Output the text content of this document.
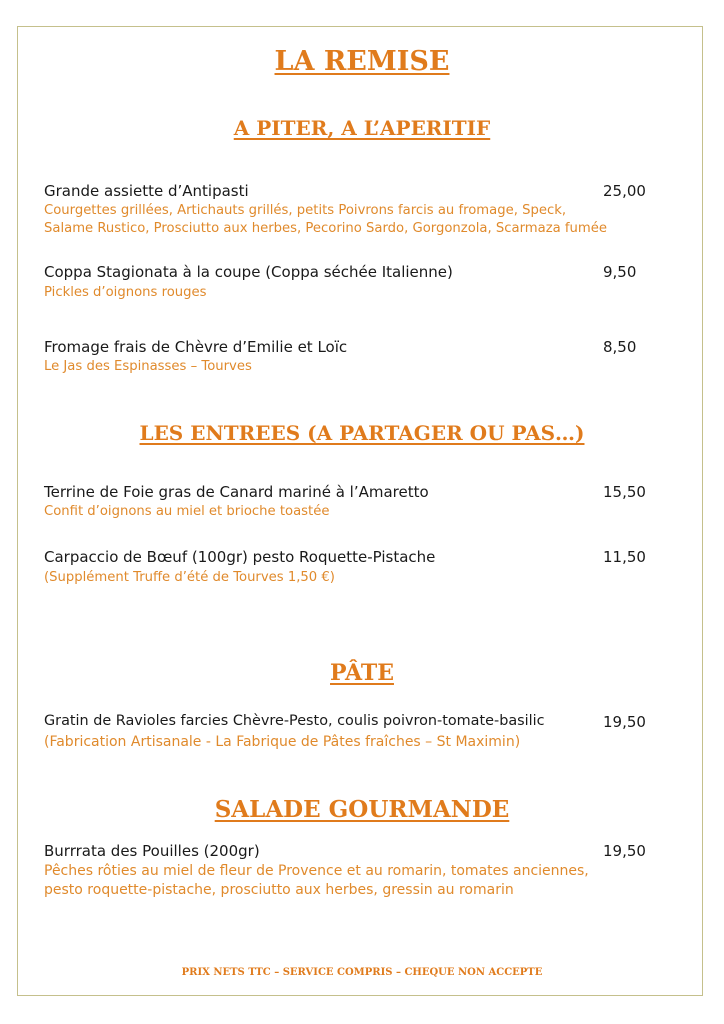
LA REMISE
A PITER, A L’APERITIF
Grande assiette d’Antipasti	25,00
Courgettes grillées, Artichauts grillés, petits Poivrons farcis au fromage, Speck,
Salame Rustico, Prosciutto aux herbes, Pecorino Sardo, Gorgonzola, Scarmaza fumée
Coppa Stagionata à la coupe (Coppa séchée Italienne)	9,50
Pickles d’oignons rouges
Fromage frais de Chèvre d’Emilie et Loïc	8,50
Le Jas des Espinasses – Tourves
LES ENTREES (A PARTAGER OU PAS…)
Terrine de Foie gras de Canard mariné à l’Amaretto	15,50
Confit d’oignons au miel et brioche toastée
Carpaccio de Bœuf (100gr) pesto Roquette-Pistache	11,50
(Supplément Truffe d’été de Tourves 1,50 €)
PÂTE
Gratin de Ravioles farcies Chèvre-Pesto, coulis poivron-tomate-basilic	19,50
(Fabrication Artisanale - La Fabrique de Pâtes fraîches – St Maximin)
SALADE GOURMANDE
Burrrata des Pouilles (200gr)	19,50
Pêches rôties au miel de fleur de Provence et au romarin, tomates anciennes,
pesto roquette-pistache, prosciutto aux herbes, gressin au romarin
PRIX NETS TTC – SERVICE COMPRIS – CHEQUE NON ACCEPTE
